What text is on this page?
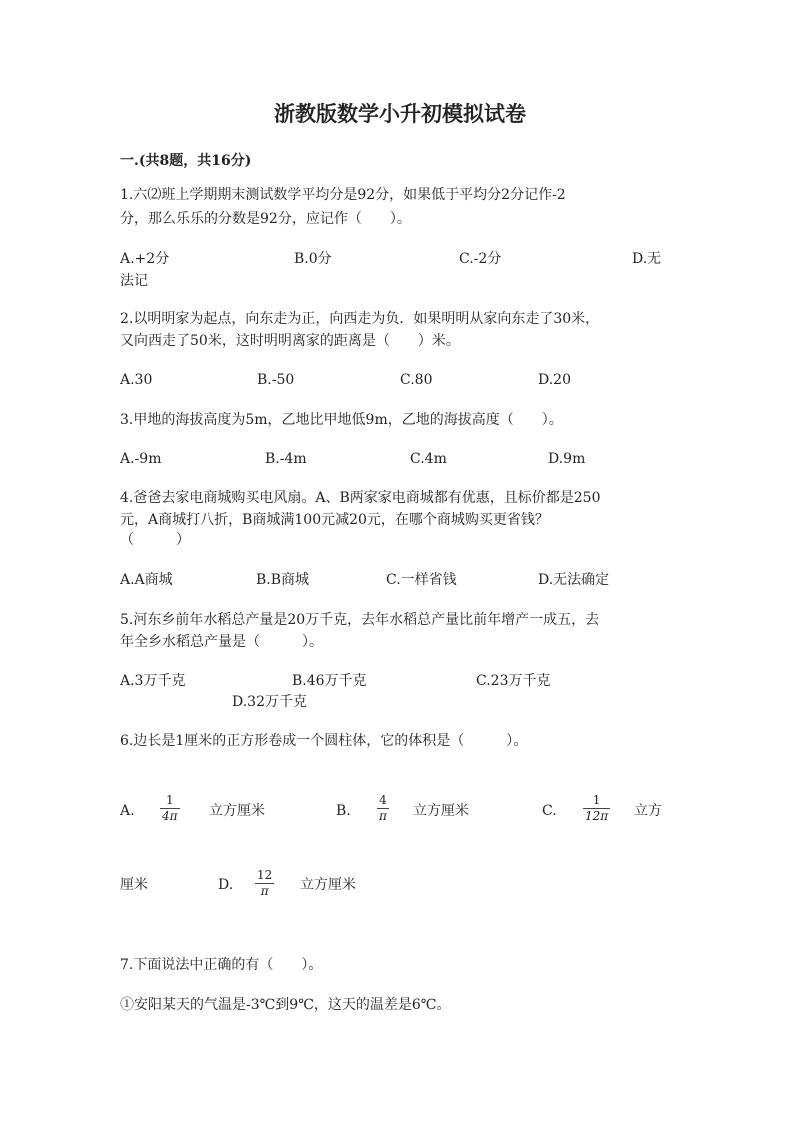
浙教版数学小升初模拟试卷
一.(共8题，共16分)
1.六⑵班上学期期末测试数学平均分是92分，如果低于平均分2分记作-2
分，那么乐乐的分数是92分，应记作（　　）。
A.+2分	B.0分	C.-2分	D.无
法记
2.以明明家为起点，向东走为正，向西走为负．如果明明从家向东走了30米，
又向西走了50米，这时明明离家的距离是（　　）米。
A.30	B.-50	C.80	D.20
3.甲地的海拔高度为5m，乙地比甲地低9m，乙地的海拔高度（　　）。
A.-9m	B.-4m	C.4m	D.9m
4.爸爸去家电商城购买电风扇。A、B两家家电商城都有优惠，且标价都是250
元，A商城打八折，B商城满100元减20元，在哪个商城购买更省钱？
（　　　）
A.A商城	B.B商城	C.一样省钱	D.无法确定
5.河东乡前年水稻总产量是20万千克，去年水稻总产量比前年增产一成五，去
年全乡水稻总产量是（　　　）。
A.3万千克	B.46万千克	C.23万千克
D.32万千克
6.边长是1厘米的正方形卷成一个圆柱体，它的体积是（　　　）。
A.
1
4π 立方厘米	B.
4
π 立方厘米	C.
1
12π 立方
厘米	D.
12
π 立方厘米
7.下面说法中正确的有（　　）。
①安阳某天的气温是-3℃到9℃，这天的温差是6℃。
